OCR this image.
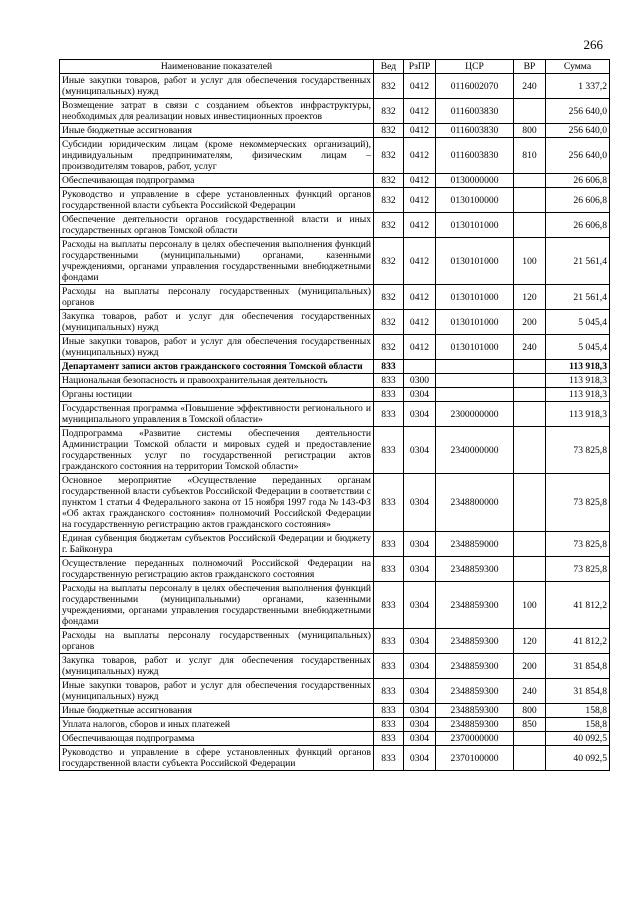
266
Наименование показателей	Вед	РзПР	ЦСР	ВР	Сумма
Иные закупки товаров, работ и услуг для обеспечения государственных (муниципальных) нужд	832	0412	0116002070	240	1 337,2
Возмещение затрат в связи с созданием объектов инфраструктуры, необходимых для реализации новых инвестиционных проектов	832	0412	0116003830		256 640,0
Иные бюджетные ассигнования	832	0412	0116003830	800	256 640,0
Субсидии юридическим лицам (кроме некоммерческих организаций), индивидуальным предпринимателям, физическим лицам – производителям товаров, работ, услуг	832	0412	0116003830	810	256 640,0
Обеспечивающая подпрограмма	832	0412	0130000000		26 606,8
Руководство и управление в сфере установленных функций органов государственной власти субъекта Российской Федерации	832	0412	0130100000		26 606,8
Обеспечение деятельности органов государственной власти и иных государственных органов Томской области	832	0412	0130101000		26 606,8
Расходы на выплаты персоналу в целях обеспечения выполнения функций государственными (муниципальными) органами, казенными учреждениями, органами управления государственными внебюджетными фондами	832	0412	0130101000	100	21 561,4
Расходы на выплаты персоналу государственных (муниципальных) органов	832	0412	0130101000	120	21 561,4
Закупка товаров, работ и услуг для обеспечения государственных (муниципальных) нужд	832	0412	0130101000	200	5 045,4
Иные закупки товаров, работ и услуг для обеспечения государственных (муниципальных) нужд	832	0412	0130101000	240	5 045,4
Департамент записи актов гражданского состояния Томской области	833				113 918,3
Национальная безопасность и правоохранительная деятельность	833	0300			113 918,3
Органы юстиции	833	0304			113 918,3
Государственная программа «Повышение эффективности регионального и муниципального управления в Томской области»	833	0304	2300000000		113 918,3
Подпрограмма «Развитие системы обеспечения деятельности Администрации Томской области и мировых судей и предоставление государственных услуг по государственной регистрации актов гражданского состояния на территории Томской области»	833	0304	2340000000		73 825,8
Основное мероприятие «Осуществление переданных органам государственной власти субъектов Российской Федерации в соответствии с пунктом 1 статьи 4 Федерального закона от 15 ноября 1997 года № 143-ФЗ «Об актах гражданского состояния» полномочий Российской Федерации на государственную регистрацию актов гражданского состояния»	833	0304	2348800000		73 825,8
Единая субвенция бюджетам субъектов Российской Федерации и бюджету г. Байконура	833	0304	2348859000		73 825,8
Осуществление переданных полномочий Российской Федерации на государственную регистрацию актов гражданского состояния	833	0304	2348859300		73 825,8
Расходы на выплаты персоналу в целях обеспечения выполнения функций государственными (муниципальными) органами, казенными учреждениями, органами управления государственными внебюджетными фондами	833	0304	2348859300	100	41 812,2
Расходы на выплаты персоналу государственных (муниципальных) органов	833	0304	2348859300	120	41 812,2
Закупка товаров, работ и услуг для обеспечения государственных (муниципальных) нужд	833	0304	2348859300	200	31 854,8
Иные закупки товаров, работ и услуг для обеспечения государственных (муниципальных) нужд	833	0304	2348859300	240	31 854,8
Иные бюджетные ассигнования	833	0304	2348859300	800	158,8
Уплата налогов, сборов и иных платежей	833	0304	2348859300	850	158,8
Обеспечивающая подпрограмма	833	0304	2370000000		40 092,5
Руководство и управление в сфере установленных функций органов государственной власти субъекта Российской Федерации	833	0304	2370100000		40 092,5
